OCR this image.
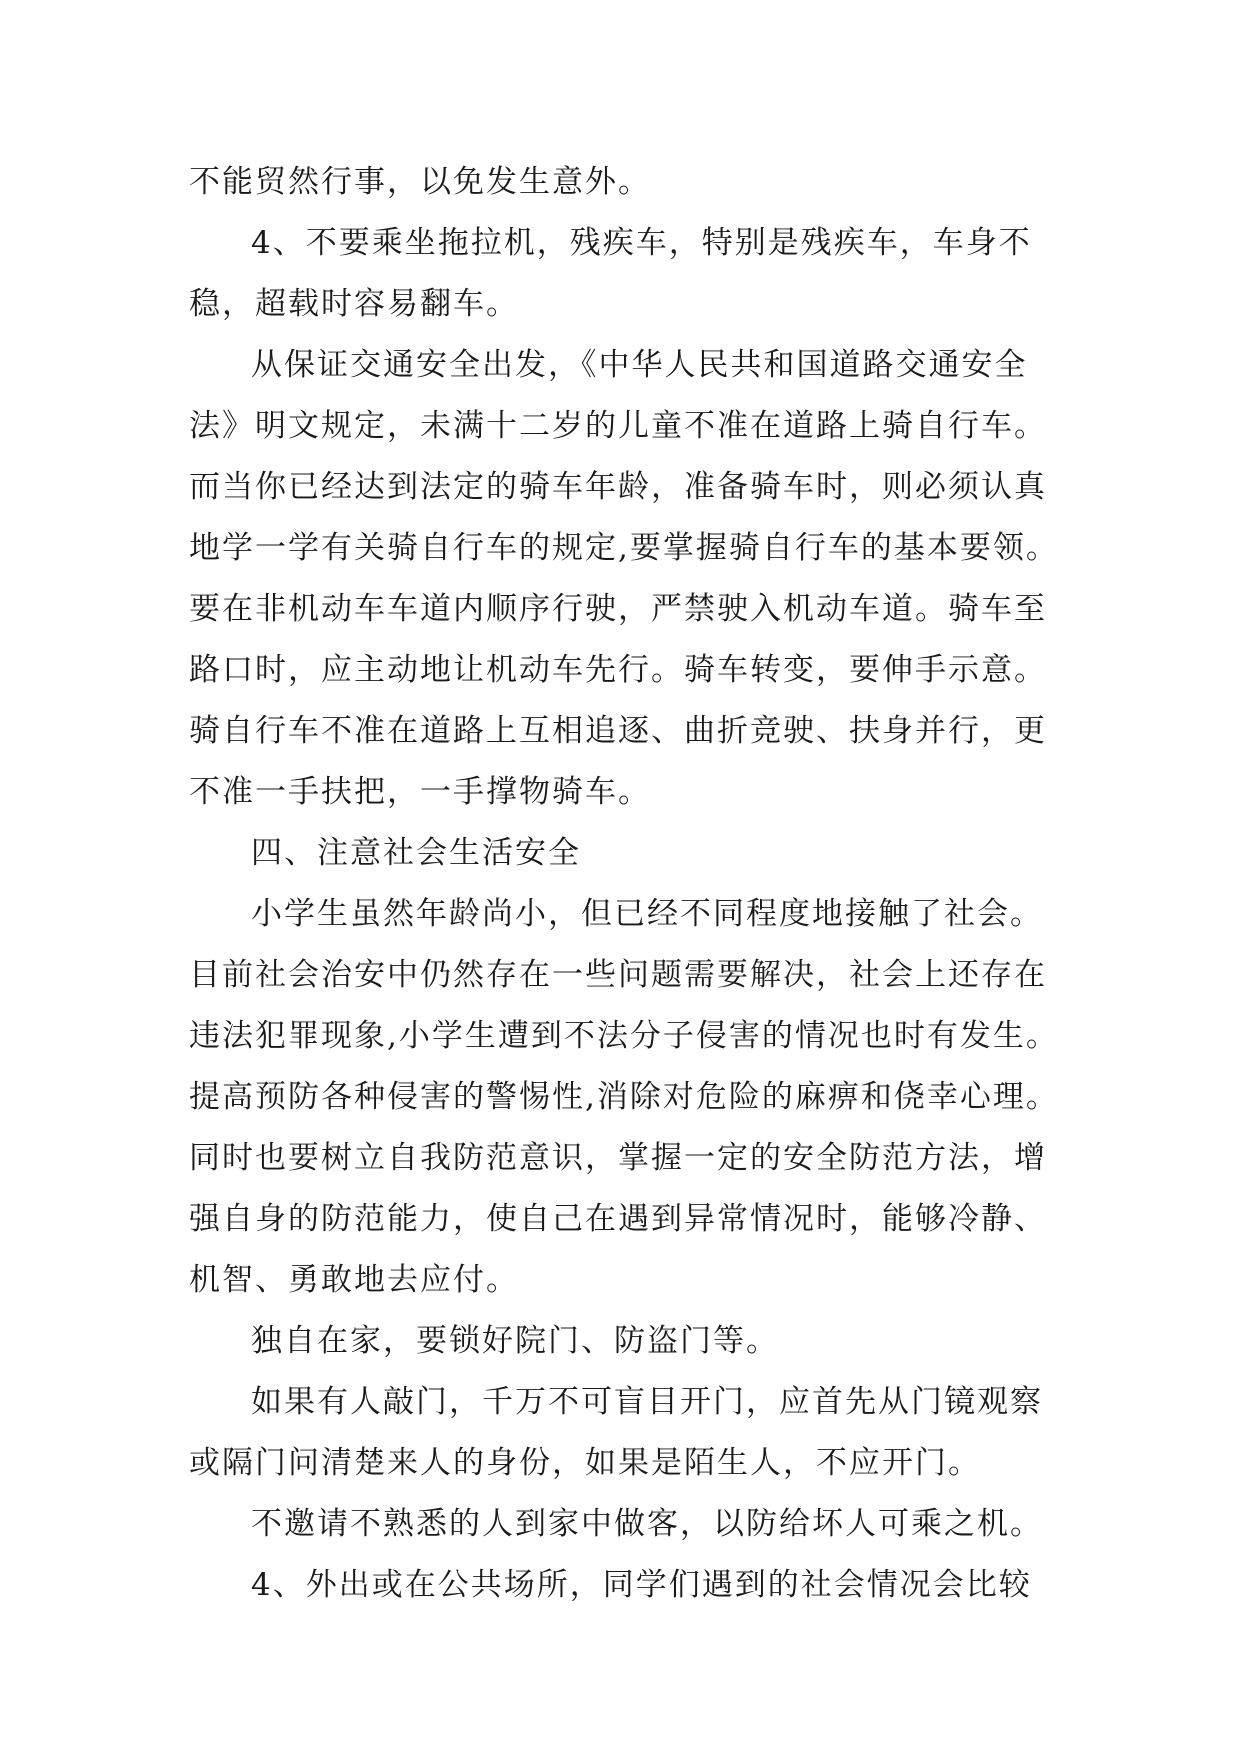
不能贸然行事，以免发生意外。
4、不要乘坐拖拉机，残疾车，特别是残疾车，车身不
稳，超载时容易翻车。
从保证交通安全出发，《中华人民共和国道路交通安全
法》明文规定，未满十二岁的儿童不准在道路上骑自行车。
而当你已经达到法定的骑车年龄，准备骑车时，则必须认真
地学一学有关骑自行车的规定,要掌握骑自行车的基本要领。
要在非机动车车道内顺序行驶，严禁驶入机动车道。骑车至
路口时，应主动地让机动车先行。骑车转变，要伸手示意。
骑自行车不准在道路上互相追逐、曲折竞驶、扶身并行，更
不准一手扶把，一手撑物骑车。
四、注意社会生活安全
小学生虽然年龄尚小，但已经不同程度地接触了社会。
目前社会治安中仍然存在一些问题需要解决，社会上还存在
违法犯罪现象,小学生遭到不法分子侵害的情况也时有发生。
提高预防各种侵害的警惕性,消除对危险的麻痹和侥幸心理。
同时也要树立自我防范意识，掌握一定的安全防范方法，增
强自身的防范能力，使自己在遇到异常情况时，能够冷静、
机智、勇敢地去应付。
独自在家，要锁好院门、防盗门等。
如果有人敲门，千万不可盲目开门，应首先从门镜观察
或隔门问清楚来人的身份，如果是陌生人，不应开门。
不邀请不熟悉的人到家中做客，以防给坏人可乘之机。
4、外出或在公共场所，同学们遇到的社会情况会比较
